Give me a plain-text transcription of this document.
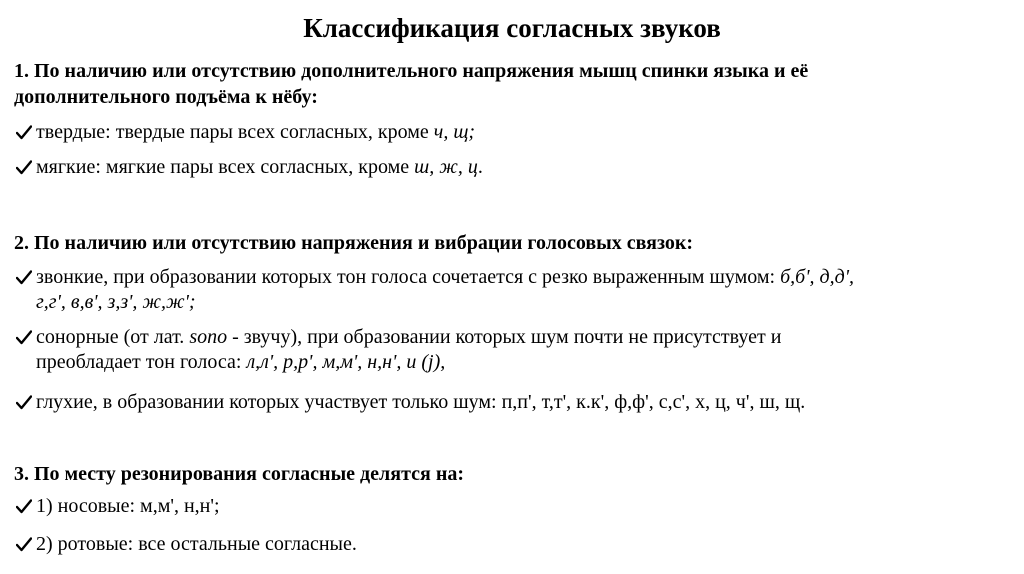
Классификация согласных звуков
1. По наличию или отсутствию дополнительного напряжения мышц спинки языка и её
дополнительного подъёма к нёбу:
твердые: твердые пары всех согласных, кроме ч, щ;
мягкие: мягкие пары всех согласных, кроме ш, ж, ц.
2. По наличию или отсутствию напряжения и вибрации голосовых связок:
звонкие, при образовании которых тон голоса сочетается с резко выраженным шумом: б,б', д,д',
г,г', в,в', з,з', ж,ж';
сонорные (от лат. sono - звучу), при образовании которых шум почти не присутствует и
преобладает тон голоса: л,л', р,р', м,м', н,н', и (j),
глухие, в образовании которых участвует только шум: п,п', т,т', к.к', ф,ф', с,с', х, ц, ч', ш, щ.
3. По месту резонирования согласные делятся на:
1) носовые: м,м', н,н';
2) ротовые: все остальные согласные.
